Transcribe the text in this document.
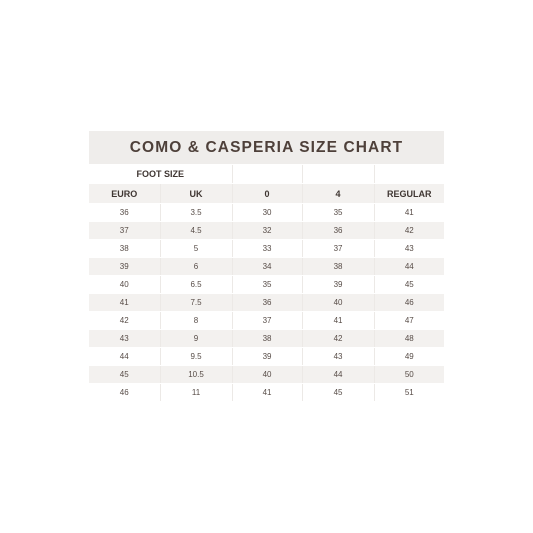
COMO & CASPERIA SIZE CHART
FOOT SIZE				
EURO	UK	0	4	REGULAR
36	3.5	30	35	41
37	4.5	32	36	42
38	5	33	37	43
39	6	34	38	44
40	6.5	35	39	45
41	7.5	36	40	46
42	8	37	41	47
43	9	38	42	48
44	9.5	39	43	49
45	10.5	40	44	50
46	11	41	45	51
